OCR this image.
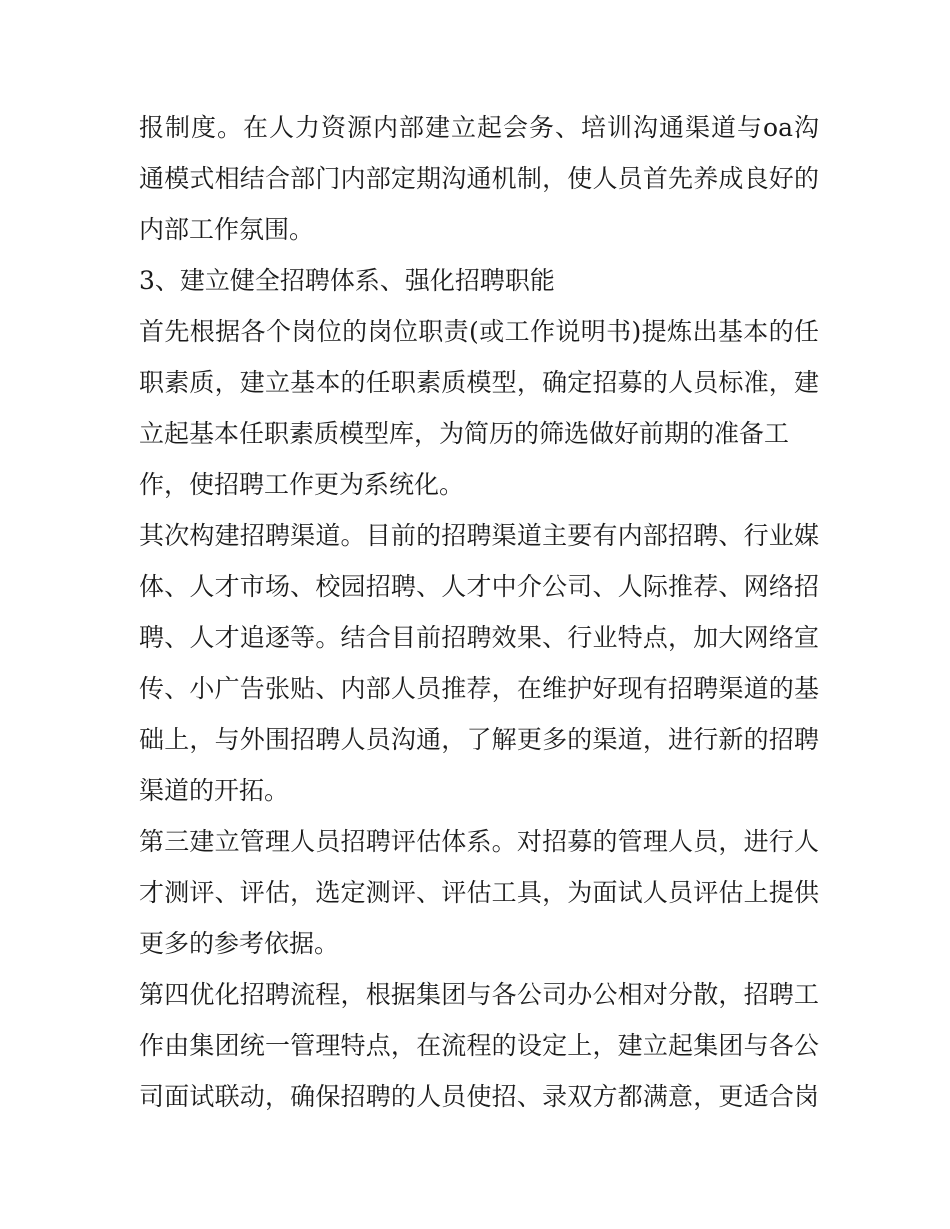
报制度。在人力资源内部建立起会务、培训沟通渠道与oa沟
通模式相结合部门内部定期沟通机制，使人员首先养成良好的
内部工作氛围。
3、建立健全招聘体系、强化招聘职能
首先根据各个岗位的岗位职责(或工作说明书)提炼出基本的任
职素质，建立基本的任职素质模型，确定招募的人员标准，建
立起基本任职素质模型库，为简历的筛选做好前期的准备工
作，使招聘工作更为系统化。
其次构建招聘渠道。目前的招聘渠道主要有内部招聘、行业媒
体、人才市场、校园招聘、人才中介公司、人际推荐、网络招
聘、人才追逐等。结合目前招聘效果、行业特点，加大网络宣
传、小广告张贴、内部人员推荐，在维护好现有招聘渠道的基
础上，与外围招聘人员沟通，了解更多的渠道，进行新的招聘
渠道的开拓。
第三建立管理人员招聘评估体系。对招募的管理人员，进行人
才测评、评估，选定测评、评估工具，为面试人员评估上提供
更多的参考依据。
第四优化招聘流程，根据集团与各公司办公相对分散，招聘工
作由集团统一管理特点，在流程的设定上，建立起集团与各公
司面试联动，确保招聘的人员使招、录双方都满意，更适合岗
